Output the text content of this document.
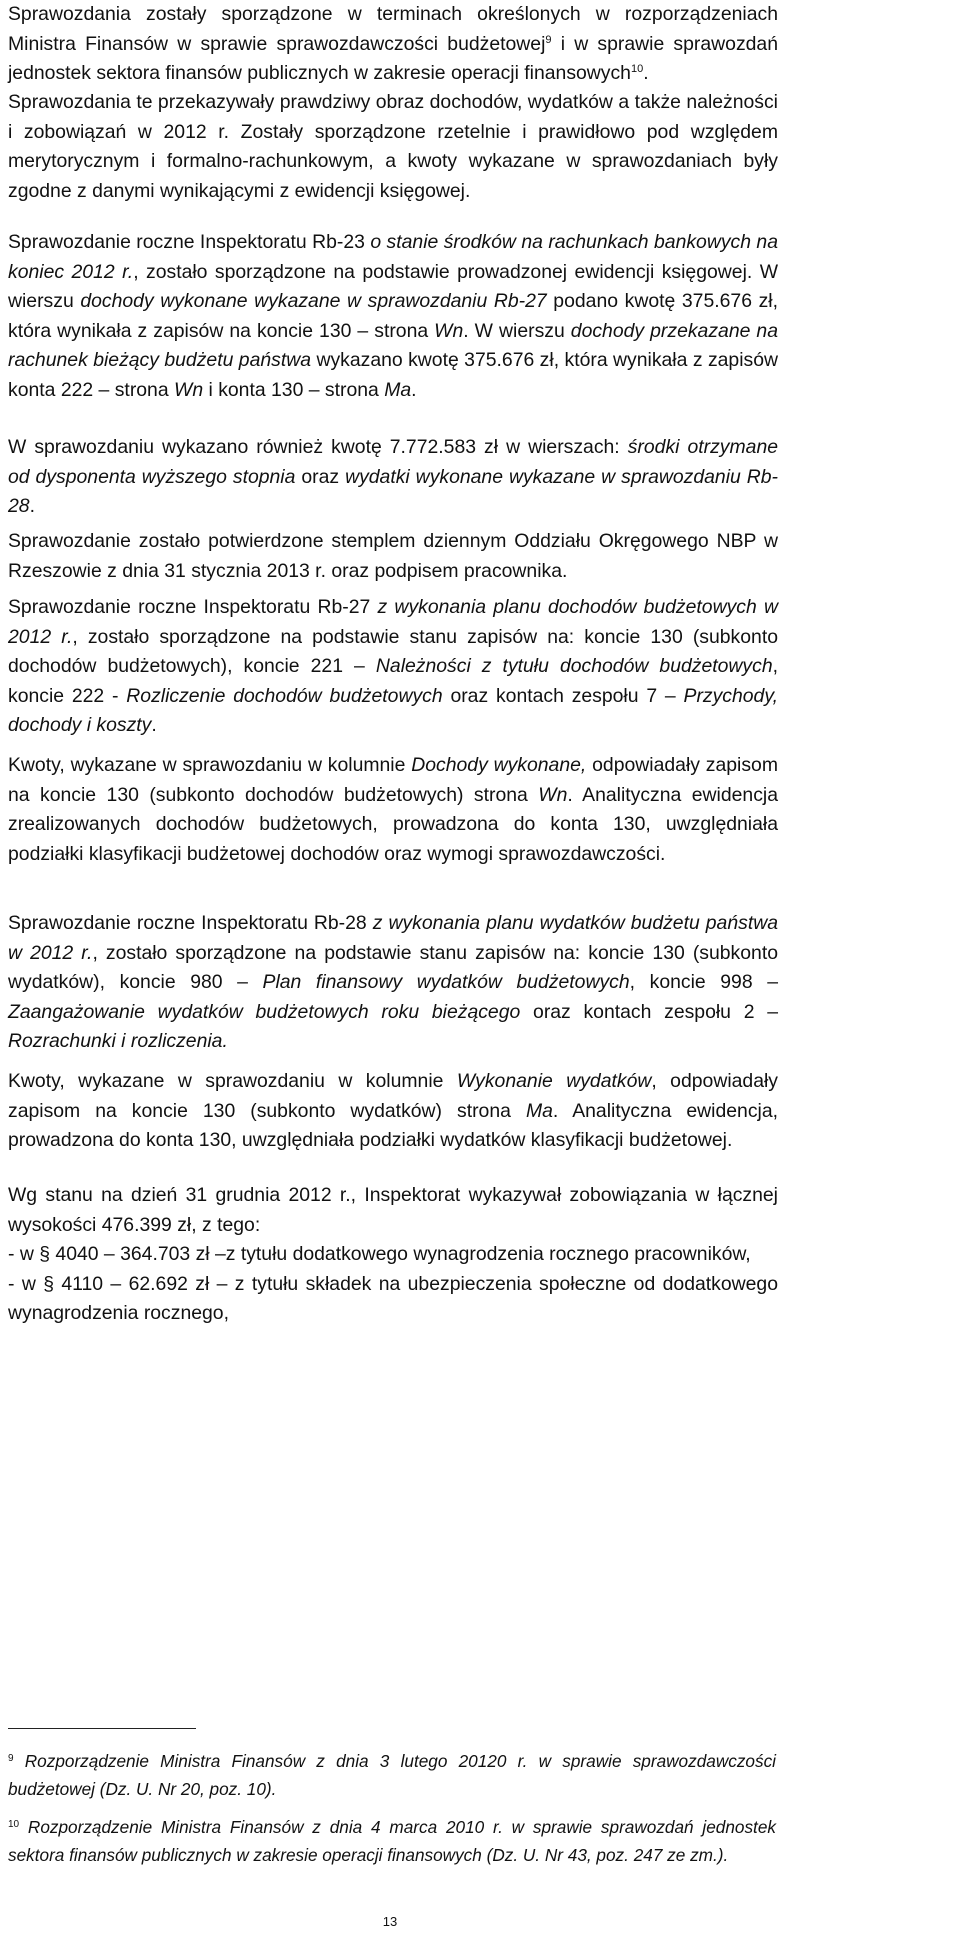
Sprawozdania zostały sporządzone w terminach określonych w rozporządzeniach Ministra Finansów w sprawie sprawozdawczości budżetowej$^9$ i w sprawie sprawozdań jednostek sektora finansów publicznych w zakresie operacji finansowych$^{10}$.

Sprawozdania te przekazywały prawdziwy obraz dochodów, wydatków a także należności i zobowiązań w 2012 r. Zostały sporządzone rzetelnie i prawidłowo pod względem merytorycznym i formalno-rachunkowym, a kwoty wykazane w sprawozdaniach były zgodne z danymi wynikającymi z ewidencji księgowej.

Sprawozdanie roczne Inspektoratu Rb-23 o stanie środków na rachunkach bankowych na koniec 2012 r., zostało sporządzone na podstawie prowadzonej ewidencji księgowej. W wierszu dochody wykonane wykazane w sprawozdaniu Rb-27 podano kwotę 375.676 zł, która wynikała z zapisów na koncie 130 – strona Wn. W wierszu dochody przekazane na rachunek bieżący budżetu państwa wykazano kwotę 375.676 zł, która wynikała z zapisów konta 222 – strona Wn i konta 130 – strona Ma.

W sprawozdaniu wykazano również kwotę 7.772.583 zł w wierszach: środki otrzymane od dysponenta wyższego stopnia oraz wydatki wykonane wykazane w sprawozdaniu Rb-28.

Sprawozdanie zostało potwierdzone stemplem dziennym Oddziału Okręgowego NBP w Rzeszowie z dnia 31 stycznia 2013 r. oraz podpisem pracownika.

Sprawozdanie roczne Inspektoratu Rb-27 z wykonania planu dochodów budżetowych w 2012 r., zostało sporządzone na podstawie stanu zapisów na: koncie 130 (subkonto dochodów budżetowych), koncie 221 – Należności z tytułu dochodów budżetowych, koncie 222 - Rozliczenie dochodów budżetowych oraz kontach zespołu 7 – Przychody, dochody i koszty.

Kwoty, wykazane w sprawozdaniu w kolumnie Dochody wykonane, odpowiadały zapisom na koncie 130 (subkonto dochodów budżetowych) strona Wn. Analityczna ewidencja zrealizowanych dochodów budżetowych, prowadzona do konta 130, uwzględniała podziałki klasyfikacji budżetowej dochodów oraz wymogi sprawozdawczości.

Sprawozdanie roczne Inspektoratu Rb-28 z wykonania planu wydatków budżetu państwa w 2012 r., zostało sporządzone na podstawie stanu zapisów na: koncie 130 (subkonto wydatków), koncie 980 – Plan finansowy wydatków budżetowych, koncie 998 – Zaangażowanie wydatków budżetowych roku bieżącego oraz kontach zespołu 2 – Rozrachunki i rozliczenia.

Kwoty, wykazane w sprawozdaniu w kolumnie Wykonanie wydatków, odpowiadały zapisom na koncie 130 (subkonto wydatków) strona Ma. Analityczna ewidencja, prowadzona do konta 130, uwzględniała podziałki wydatków klasyfikacji budżetowej.

Wg stanu na dzień 31 grudnia 2012 r., Inspektorat wykazywał zobowiązania w łącznej wysokości 476.399 zł, z tego:
- w § 4040 – 364.703 zł –z tytułu dodatkowego wynagrodzenia rocznego pracowników,
- w § 4110 – 62.692 zł – z tytułu składek na ubezpieczenia społeczne od dodatkowego wynagrodzenia rocznego,

$^9$ Rozporządzenie Ministra Finansów z dnia 3 lutego 20120 r. w sprawie sprawozdawczości budżetowej (Dz. U. Nr 20, poz. 10).
$^{10}$ Rozporządzenie Ministra Finansów z dnia 4 marca 2010 r. w sprawie sprawozdań jednostek sektora finansów publicznych w zakresie operacji finansowych (Dz. U. Nr 43, poz. 247 ze zm.).
13
